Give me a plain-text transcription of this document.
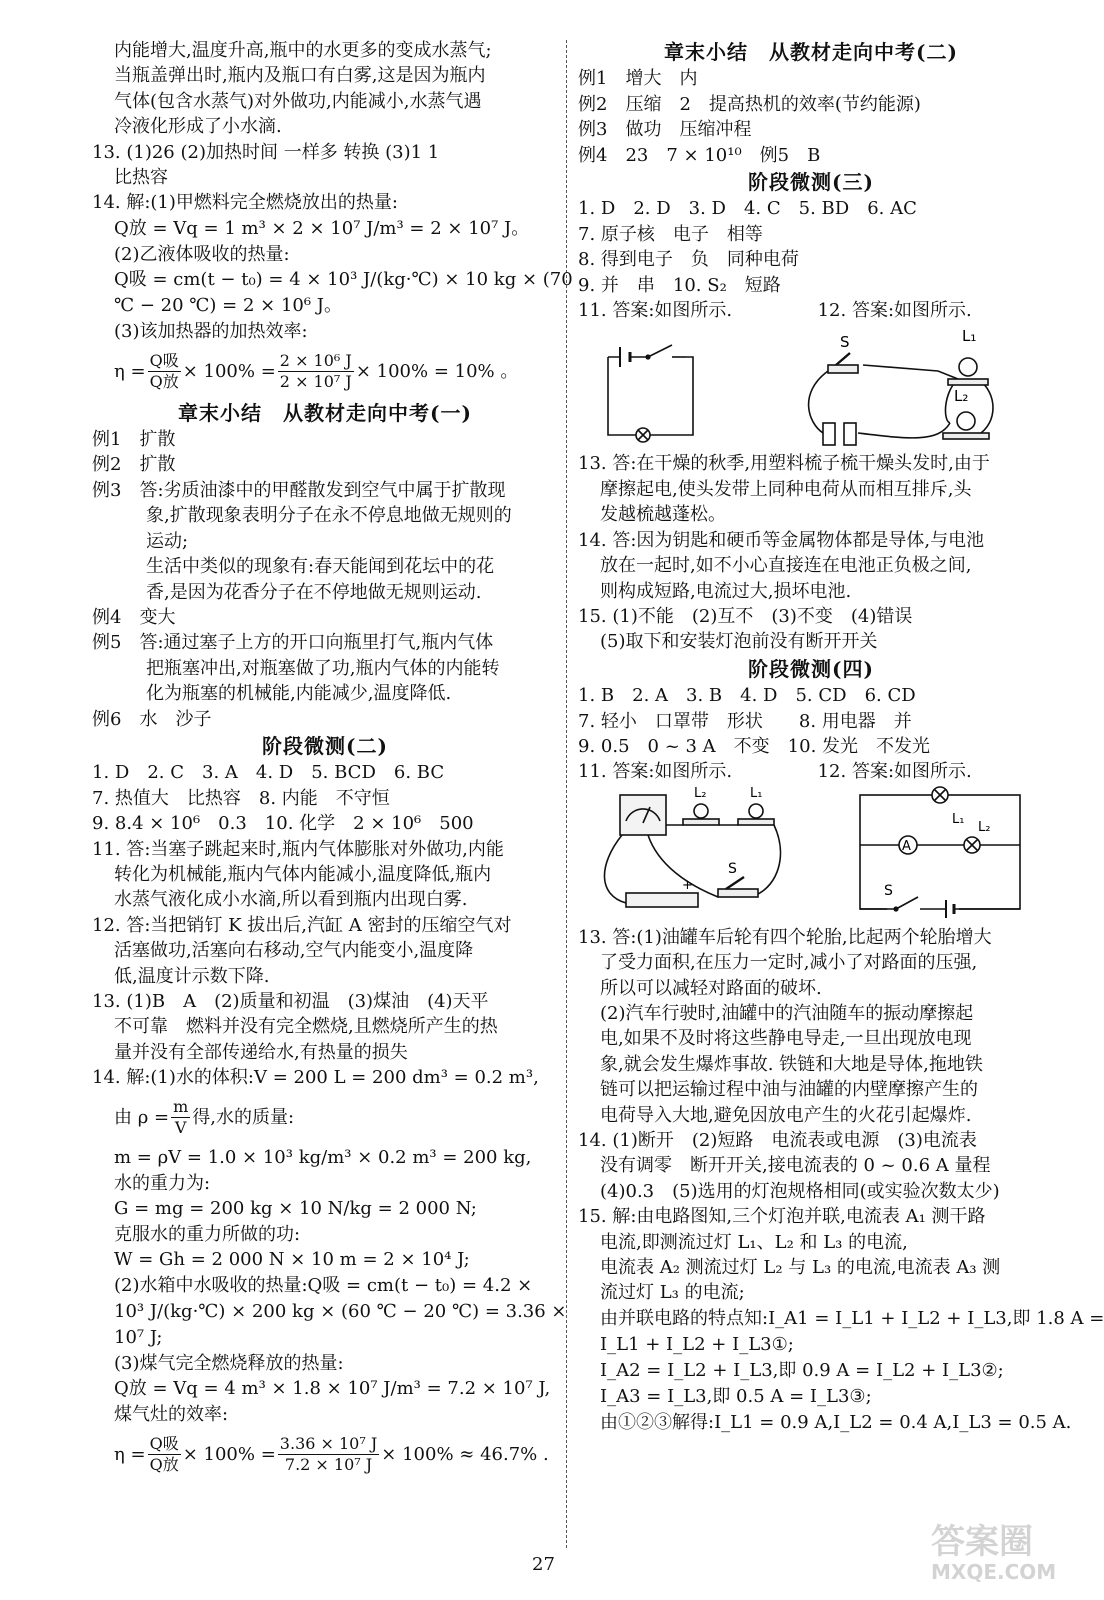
内能增大,温度升高,瓶中的水更多的变成水蒸气;
当瓶盖弹出时,瓶内及瓶口有白雾,这是因为瓶内
气体(包含水蒸气)对外做功,内能减小,水蒸气遇
冷液化形成了小水滴.
13. (1)26 (2)加热时间 一样多 转换 (3)1 1
比热容
14. 解:(1)甲燃料完全燃烧放出的热量:
Q放 = Vq = 1 m³ × 2 × 10⁷ J/m³ = 2 × 10⁷ J。
(2)乙液体吸收的热量:
Q吸 = cm(t − t₀) = 4 × 10³ J/(kg·℃) × 10 kg × (70
℃ − 20 ℃) = 2 × 10⁶ J。
(3)该加热器的加热效率:
$\eta = \frac{\text{Q吸}}{\text{Q放}} \times 100\% = \frac{\text{2 × 10⁶ J}}{\text{2 × 10⁷ J}} \times 100\% = 10\%$ 。
章末小结　从教材走向中考(一)
例1　扩散
例2　扩散
例3　答:劣质油漆中的甲醛散发到空气中属于扩散现
象,扩散现象表明分子在永不停息地做无规则的
运动;
生活中类似的现象有:春天能闻到花坛中的花
香,是因为花香分子在不停地做无规则运动.
例4　变大
例5　答:通过塞子上方的开口向瓶里打气,瓶内气体
把瓶塞冲出,对瓶塞做了功,瓶内气体的内能转
化为瓶塞的机械能,内能减少,温度降低.
例6　水　沙子
阶段微测(二)
1. D　2. C　3. A　4. D　5. BCD　6. BC
7. 热值大　比热容　8. 内能　不守恒
9. 8.4 × 10⁶　0.3　10. 化学　2 × 10⁶　500
11. 答:当塞子跳起来时,瓶内气体膨胀对外做功,内能
转化为机械能,瓶内气体内能减小,温度降低,瓶内
水蒸气液化成小水滴,所以看到瓶内出现白雾.
12. 答:当把销钉 K 拔出后,汽缸 A 密封的压缩空气对
活塞做功,活塞向右移动,空气内能变小,温度降
低,温度计示数下降.
13. (1)B　A　(2)质量和初温　(3)煤油　(4)天平
不可靠　燃料并没有完全燃烧,且燃烧所产生的热
量并没有全部传递给水,有热量的损失
14. 解:(1)水的体积:V = 200 L = 200 dm³ = 0.2 m³,
由 $\rho = \frac{m}{V}$ 得,水的质量:
m = ρV = 1.0 × 10³ kg/m³ × 0.2 m³ = 200 kg,
水的重力为:
G = mg = 200 kg × 10 N/kg = 2 000 N;
克服水的重力所做的功:
W = Gh = 2 000 N × 10 m = 2 × 10⁴ J;
(2)水箱中水吸收的热量:Q吸 = cm(t − t₀) = 4.2 ×
10³ J/(kg·℃) × 200 kg × (60 ℃ − 20 ℃) = 3.36 ×
10⁷ J;
(3)煤气完全燃烧释放的热量:
Q放 = Vq = 4 m³ × 1.8 × 10⁷ J/m³ = 7.2 × 10⁷ J,
煤气灶的效率:
$\eta = \frac{\text{Q吸}}{\text{Q放}} \times 100\% = \frac{\text{3.36 × 10⁷ J}}{\text{7.2 × 10⁷ J}} \times 100\% \approx 46.7\%$ .
章末小结　从教材走向中考(二)
例1　增大　内
例2　压缩　2　提高热机的效率(节约能源)
例3　做功　压缩冲程
例4　23　7 × 10¹⁰　例5　B
阶段微测(三)
1. D　2. D　3. D　4. C　5. BD　6. AC
7. 原子核　电子　相等
8. 得到电子　负　同种电荷
9. 并　串　10. S₂　短路
11. 答案:如图所示.	12. 答案:如图所示.
S	L₁
L₂
13. 答:在干燥的秋季,用塑料梳子梳干燥头发时,由于
摩擦起电,使头发带上同种电荷从而相互排斥,头
发越梳越蓬松。
14. 答:因为钥匙和硬币等金属物体都是导体,与电池
放在一起时,如不小心直接连在电池正负极之间,
则构成短路,电流过大,损坏电池.
15. (1)不能　(2)互不　(3)不变　(4)错误
(5)取下和安装灯泡前没有断开开关
阶段微测(四)
1. B　2. A　3. B　4. D　5. CD　6. CD
7. 轻小　口罩带　形状　　8. 用电器　并
9. 0.5　0 ~ 3 A　不变　10. 发光　不发光
11. 答案:如图所示.	12. 答案:如图所示.
A
L₂	L₁
S
+
L₁
L₂
S
13. 答:(1)油罐车后轮有四个轮胎,比起两个轮胎增大
了受力面积,在压力一定时,减小了对路面的压强,
所以可以减轻对路面的破坏.
(2)汽车行驶时,油罐中的汽油随车的振动摩擦起
电,如果不及时将这些静电导走,一旦出现放电现
象,就会发生爆炸事故. 铁链和大地是导体,拖地铁
链可以把运输过程中油与油罐的内壁摩擦产生的
电荷导入大地,避免因放电产生的火花引起爆炸.
14. (1)断开　(2)短路　电流表或电源　(3)电流表
没有调零　断开开关,接电流表的 0 ~ 0.6 A 量程
(4)0.3　(5)选用的灯泡规格相同(或实验次数太少)
15. 解:由电路图知,三个灯泡并联,电流表 A₁ 测干路
电流,即测流过灯 L₁、L₂ 和 L₃ 的电流,
电流表 A₂ 测流过灯 L₂ 与 L₃ 的电流,电流表 A₃ 测
流过灯 L₃ 的电流;
由并联电路的特点知:I_A1 = I_L1 + I_L2 + I_L3,即 1.8 A =
I_L1 + I_L2 + I_L3①;
I_A2 = I_L2 + I_L3,即 0.9 A = I_L2 + I_L3②;
I_A3 = I_L3,即 0.5 A = I_L3③;
由①②③解得:I_L1 = 0.9 A,I_L2 = 0.4 A,I_L3 = 0.5 A.
27
答案圈
MXQE.COM
